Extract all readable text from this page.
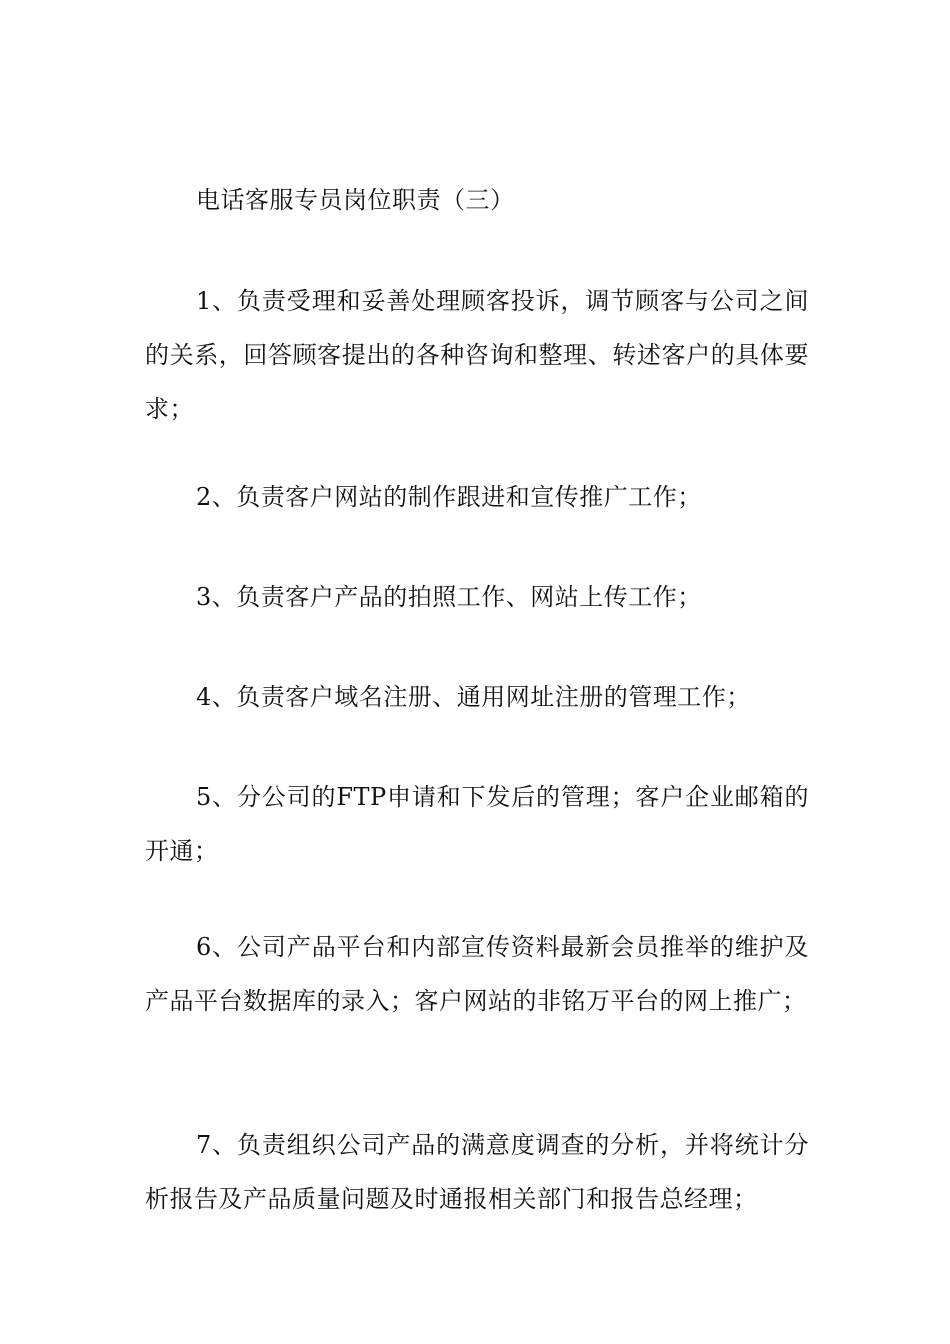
电话客服专员岗位职责（三）

1、负责受理和妥善处理顾客投诉，调节顾客与公司之间的关系，回答顾客提出的各种咨询和整理、转述客户的具体要求；

2、负责客户网站的制作跟进和宣传推广工作；

3、负责客户产品的拍照工作、网站上传工作；

4、负责客户域名注册、通用网址注册的管理工作；

5、分公司的FTP申请和下发后的管理；客户企业邮箱的开通；

6、公司产品平台和内部宣传资料最新会员推举的维护及产品平台数据库的录入；客户网站的非铭万平台的网上推广；

7、负责组织公司产品的满意度调查的分析，并将统计分析报告及产品质量问题及时通报相关部门和报告总经理；
